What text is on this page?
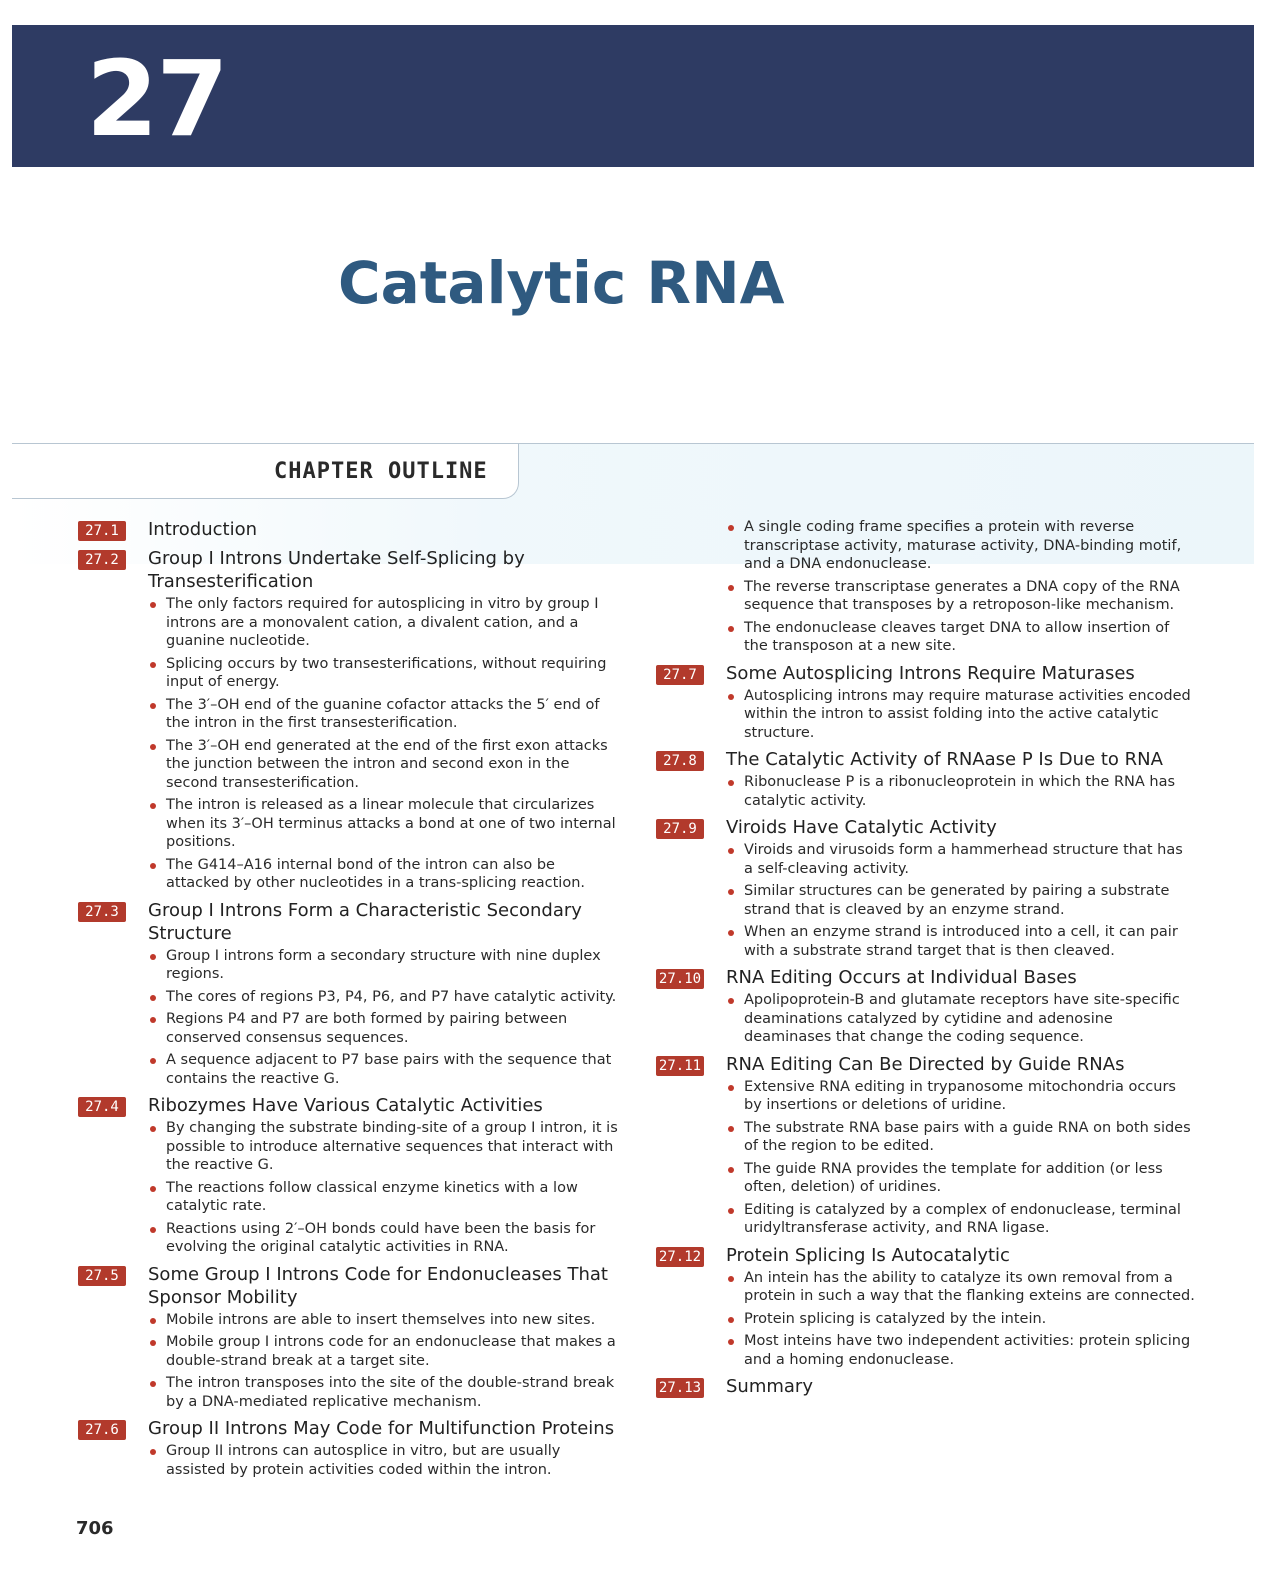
27
Catalytic RNA
CHAPTER OUTLINE
27.1	Introduction
27.2	Group I Introns Undertake Self-Splicing by Transesterification
The only factors required for autosplicing in vitro by group I introns are a monovalent cation, a divalent cation, and a guanine nucleotide.
Splicing occurs by two transesterifications, without requiring input of energy.
The 3′–OH end of the guanine cofactor attacks the 5′ end of the intron in the first transesterification.
The 3′–OH end generated at the end of the first exon attacks the junction between the intron and second exon in the second transesterification.
The intron is released as a linear molecule that circularizes when its 3′–OH terminus attacks a bond at one of two internal positions.
The G414–A16 internal bond of the intron can also be attacked by other nucleotides in a trans-splicing reaction.
27.3	Group I Introns Form a Characteristic Secondary Structure
Group I introns form a secondary structure with nine duplex regions.
The cores of regions P3, P4, P6, and P7 have catalytic activity.
Regions P4 and P7 are both formed by pairing between conserved consensus sequences.
A sequence adjacent to P7 base pairs with the sequence that contains the reactive G.
27.4	Ribozymes Have Various Catalytic Activities
By changing the substrate binding-site of a group I intron, it is possible to introduce alternative sequences that interact with the reactive G.
The reactions follow classical enzyme kinetics with a low catalytic rate.
Reactions using 2′–OH bonds could have been the basis for evolving the original catalytic activities in RNA.
27.5	Some Group I Introns Code for Endonucleases That Sponsor Mobility
Mobile introns are able to insert themselves into new sites.
Mobile group I introns code for an endonuclease that makes a double-strand break at a target site.
The intron transposes into the site of the double-strand break by a DNA-mediated replicative mechanism.
27.6	Group II Introns May Code for Multifunction Proteins
Group II introns can autosplice in vitro, but are usually assisted by protein activities coded within the intron.
A single coding frame specifies a protein with reverse transcriptase activity, maturase activity, DNA-binding motif, and a DNA endonuclease.
The reverse transcriptase generates a DNA copy of the RNA sequence that transposes by a retroposon-like mechanism.
The endonuclease cleaves target DNA to allow insertion of the transposon at a new site.
27.7	Some Autosplicing Introns Require Maturases
Autosplicing introns may require maturase activities encoded within the intron to assist folding into the active catalytic structure.
27.8	The Catalytic Activity of RNAase P Is Due to RNA
Ribonuclease P is a ribonucleoprotein in which the RNA has catalytic activity.
27.9	Viroids Have Catalytic Activity
Viroids and virusoids form a hammerhead structure that has a self-cleaving activity.
Similar structures can be generated by pairing a substrate strand that is cleaved by an enzyme strand.
When an enzyme strand is introduced into a cell, it can pair with a substrate strand target that is then cleaved.
27.10 RNA Editing Occurs at Individual Bases
Apolipoprotein-B and glutamate receptors have site-specific deaminations catalyzed by cytidine and adenosine deaminases that change the coding sequence.
27.11 RNA Editing Can Be Directed by Guide RNAs
Extensive RNA editing in trypanosome mitochondria occurs by insertions or deletions of uridine.
The substrate RNA base pairs with a guide RNA on both sides of the region to be edited.
The guide RNA provides the template for addition (or less often, deletion) of uridines.
Editing is catalyzed by a complex of endonuclease, terminal uridyltransferase activity, and RNA ligase.
27.12 Protein Splicing Is Autocatalytic
An intein has the ability to catalyze its own removal from a protein in such a way that the flanking exteins are connected.
Protein splicing is catalyzed by the intein.
Most inteins have two independent activities: protein splicing and a homing endonuclease.
27.13 Summary
706
